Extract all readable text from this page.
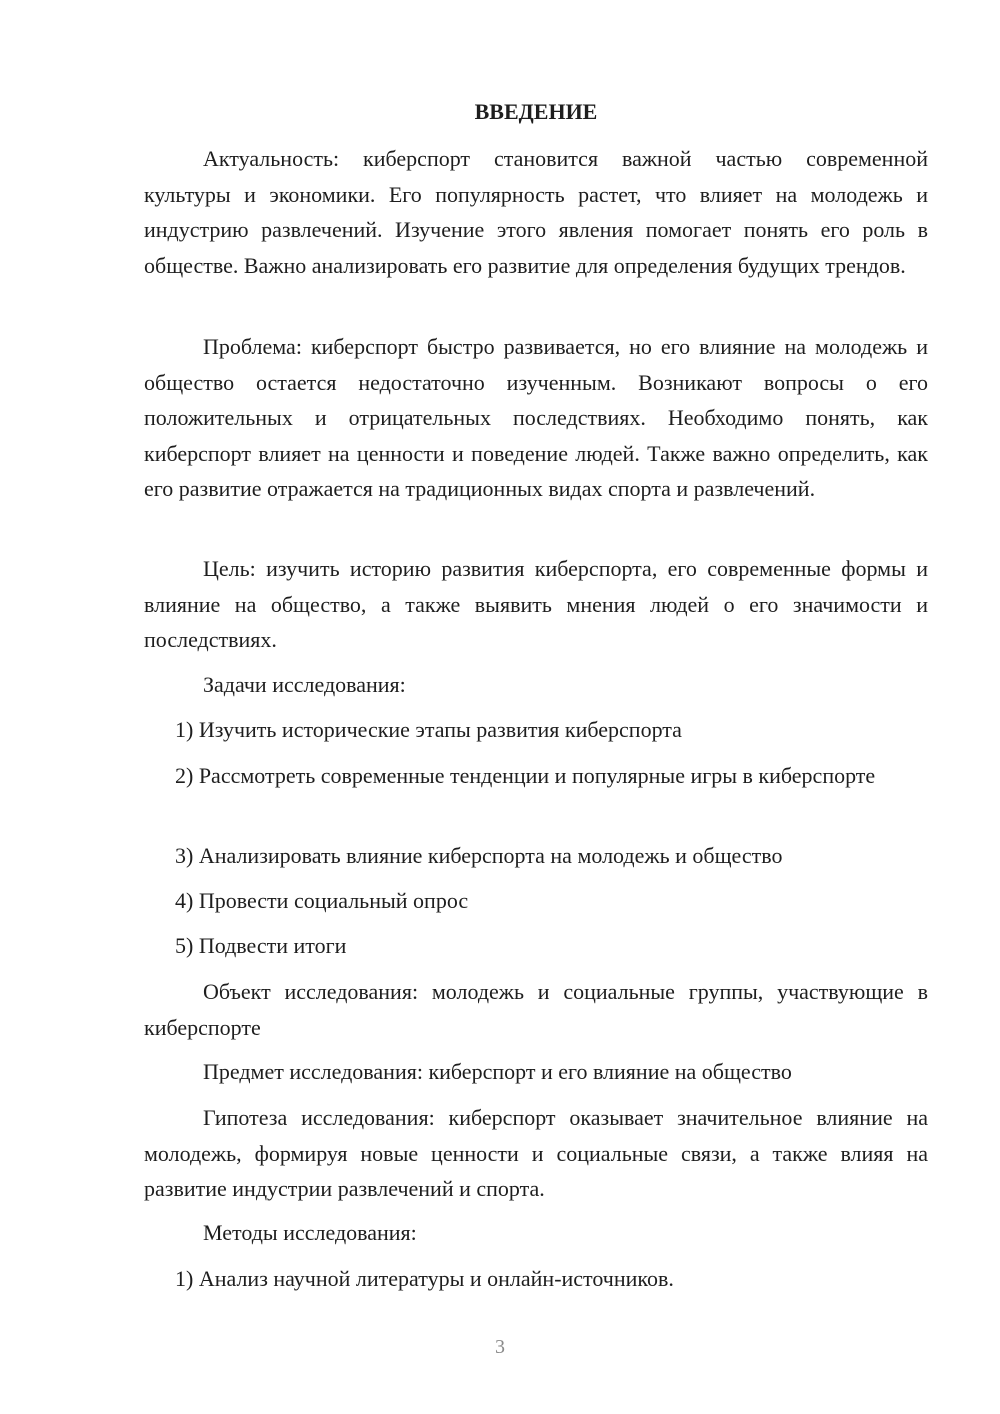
ВВЕДЕНИЕ

Актуальность: киберспорт становится важной частью современной культуры и экономики. Его популярность растет, что влияет на молодежь и индустрию развлечений. Изучение этого явления помогает понять его роль в обществе. Важно анализировать его развитие для определения будущих трендов.

Проблема: киберспорт быстро развивается, но его влияние на молодежь и общество остается недостаточно изученным. Возникают вопросы о его положительных и отрицательных последствиях. Необходимо понять, как киберспорт влияет на ценности и поведение людей. Также важно определить, как его развитие отражается на традиционных видах спорта и развлечений.

Цель: изучить историю развития киберспорта, его современные формы и влияние на общество, а также выявить мнения людей о его значимости и последствиях.

Задачи исследования:

1) Изучить исторические этапы развития киберспорта

2) Рассмотреть современные тенденции и популярные игры в киберспорте

3) Анализировать влияние киберспорта на молодежь и общество

4) Провести социальный опрос

5) Подвести итоги

Объект исследования: молодежь и социальные группы, участвующие в киберспорте

Предмет исследования: киберспорт и его влияние на общество

Гипотеза исследования: киберспорт оказывает значительное влияние на молодежь, формируя новые ценности и социальные связи, а также влияя на развитие индустрии развлечений и спорта.

Методы исследования:

1) Анализ научной литературы и онлайн-источников.

3
